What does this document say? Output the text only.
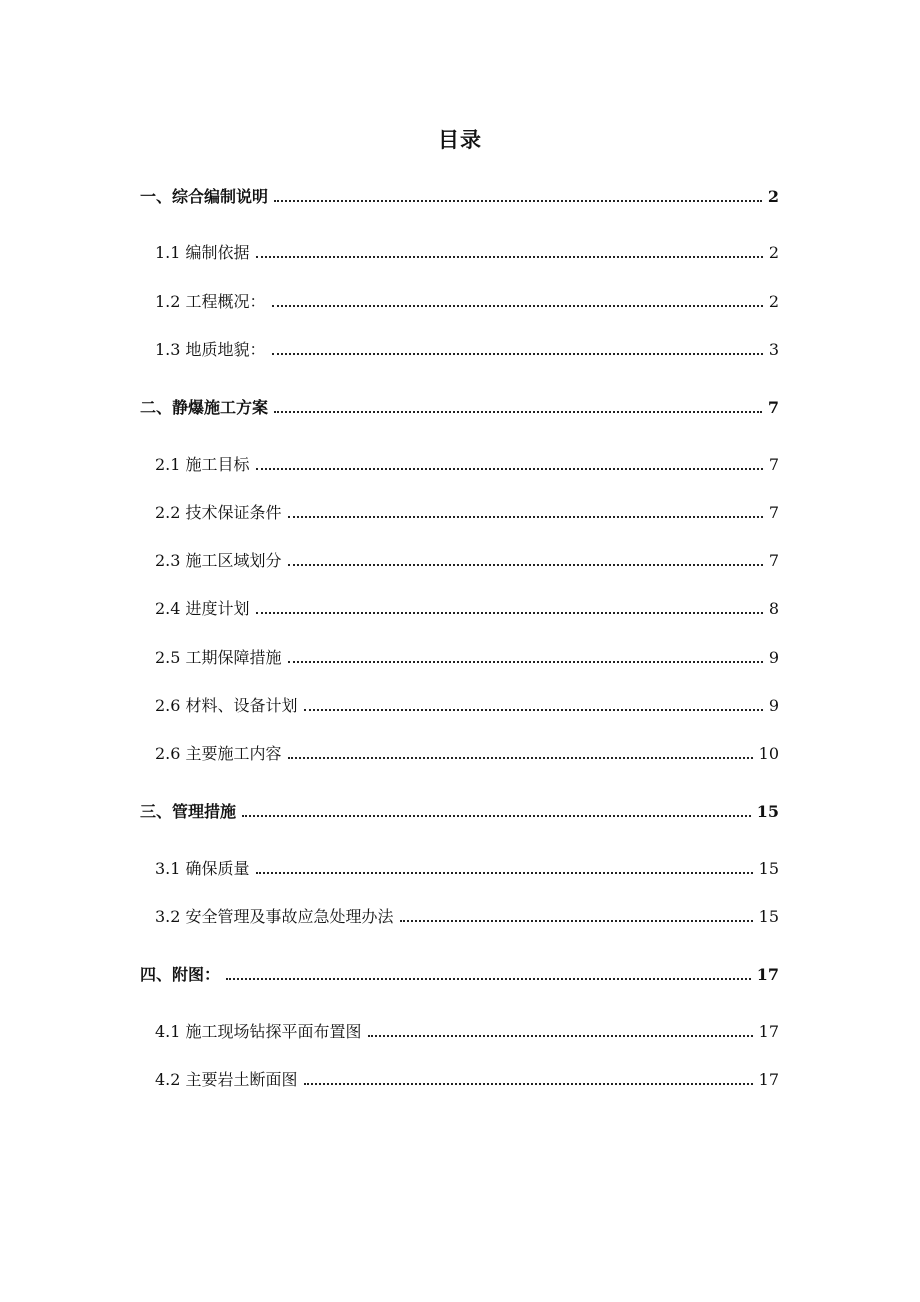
目录
一、综合编制说明	2
1.1 编制依据	2
1.2 工程概况：	2
1.3 地质地貌：	3
二、静爆施工方案	7
2.1 施工目标	7
2.2 技术保证条件	7
2.3 施工区域划分	7
2.4 进度计划	8
2.5 工期保障措施	9
2.6 材料、设备计划	9
2.6 主要施工内容	10
三、管理措施	15
3.1 确保质量	15
3.2 安全管理及事故应急处理办法	15
四、附图：	17
4.1 施工现场钻探平面布置图	17
4.2 主要岩土断面图	17
